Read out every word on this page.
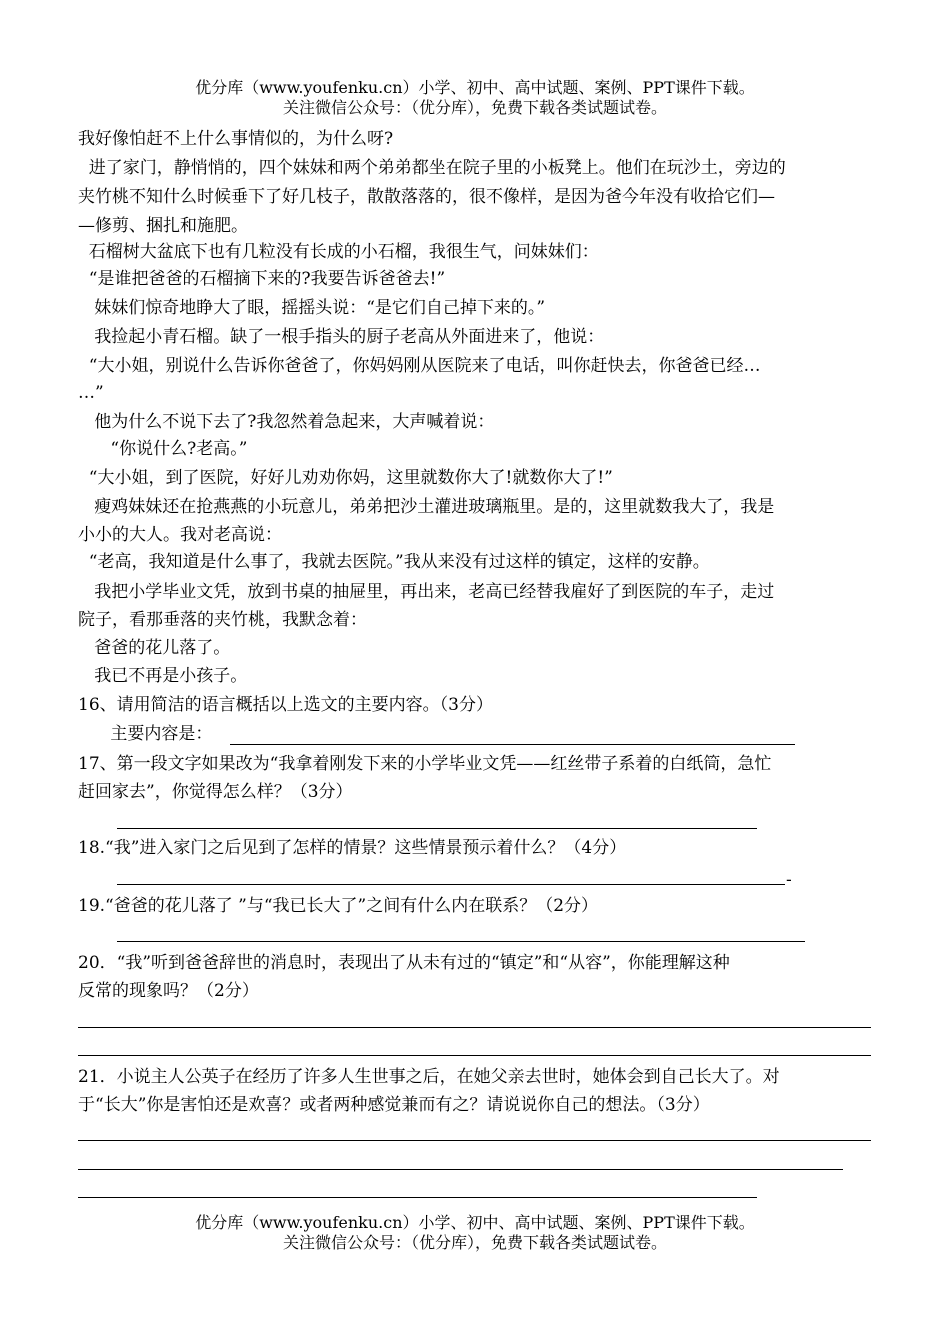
优分库（www.youfenku.cn）小学、初中、高中试题、案例、PPT课件下载。
关注微信公众号：（优分库），免费下载各类试题试卷。
我好像怕赶不上什么事情似的，为什么呀?
进了家门，静悄悄的，四个妹妹和两个弟弟都坐在院子里的小板凳上。他们在玩沙土，旁边的
夹竹桃不知什么时候垂下了好几枝子，散散落落的，很不像样，是因为爸今年没有收拾它们—
—修剪、捆扎和施肥。
石榴树大盆底下也有几粒没有长成的小石榴，我很生气，问妹妹们：
“是谁把爸爸的石榴摘下来的?我要告诉爸爸去!”
妹妹们惊奇地睁大了眼，摇摇头说：“是它们自己掉下来的。”
我捡起小青石榴。缺了一根手指头的厨子老高从外面进来了，他说：
“大小姐，别说什么告诉你爸爸了，你妈妈刚从医院来了电话，叫你赶快去，你爸爸已经…
…”
他为什么不说下去了?我忽然着急起来，大声喊着说：
“你说什么?老高。”
“大小姐，到了医院，好好儿劝劝你妈，这里就数你大了!就数你大了!”
瘦鸡妹妹还在抢燕燕的小玩意儿，弟弟把沙土灌进玻璃瓶里。是的，这里就数我大了，我是
小小的大人。我对老高说：
“老高，我知道是什么事了，我就去医院。”我从来没有过这样的镇定，这样的安静。
我把小学毕业文凭，放到书桌的抽屉里，再出来，老高已经替我雇好了到医院的车子，走过
院子，看那垂落的夹竹桃，我默念着：
爸爸的花儿落了。
我已不再是小孩子。
16、请用简洁的语言概括以上选文的主要内容。（3分）
主要内容是：
17、第一段文字如果改为“我拿着刚发下来的小学毕业文凭——红丝带子系着的白纸筒，急忙
赶回家去”，你觉得怎么样？（3分）
18.“我”进入家门之后见到了怎样的情景？这些情景预示着什么？（4分）
-
19.“爸爸的花儿落了 ”与“我已长大了”之间有什么内在联系？（2分）
20．“我”听到爸爸辞世的消息时，表现出了从未有过的“镇定”和“从容”，你能理解这种
反常的现象吗？（2分）
21．小说主人公英子在经历了许多人生世事之后，在她父亲去世时，她体会到自己长大了。对
于“长大”你是害怕还是欢喜？或者两种感觉兼而有之？请说说你自己的想法。（3分）
优分库（www.youfenku.cn）小学、初中、高中试题、案例、PPT课件下载。
关注微信公众号：（优分库），免费下载各类试题试卷。
